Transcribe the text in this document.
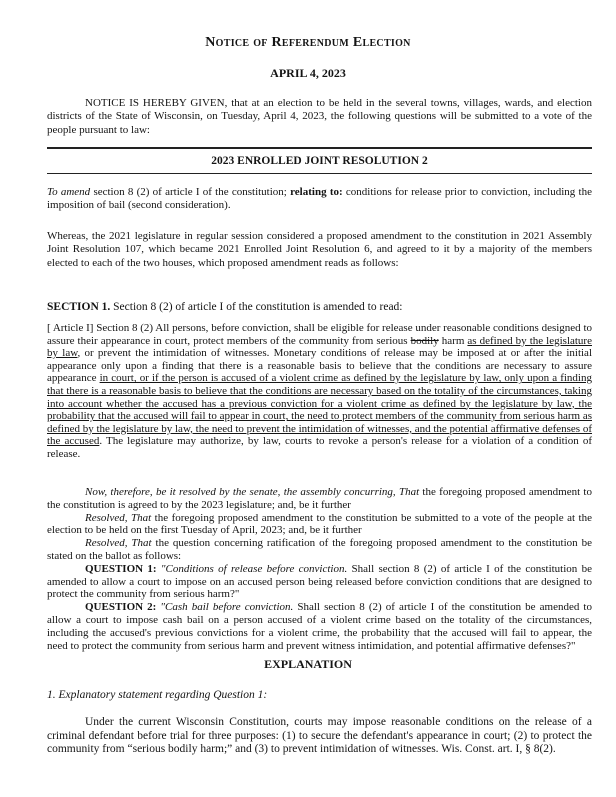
Notice of Referendum Election
APRIL 4, 2023
NOTICE IS HEREBY GIVEN, that at an election to be held in the several towns, villages, wards, and election districts of the State of Wisconsin, on Tuesday, April 4, 2023, the following questions will be submitted to a vote of the people pursuant to law:
2023 ENROLLED JOINT RESOLUTION 2
To amend section 8 (2) of article I of the constitution; relating to: conditions for release prior to conviction, including the imposition of bail (second consideration).
Whereas, the 2021 legislature in regular session considered a proposed amendment to the constitution in 2021 Assembly Joint Resolution 107, which became 2021 Enrolled Joint Resolution 6, and agreed to it by a majority of the members elected to each of the two houses, which proposed amendment reads as follows:
SECTION 1. Section 8 (2) of article I of the constitution is amended to read:
[ Article I] Section 8 (2) All persons, before conviction, shall be eligible for release under reasonable conditions designed to assure their appearance in court, protect members of the community from serious bodily harm as defined by the legislature by law, or prevent the intimidation of witnesses. Monetary conditions of release may be imposed at or after the initial appearance only upon a finding that there is a reasonable basis to believe that the conditions are necessary to assure appearance in court, or if the person is accused of a violent crime as defined by the legislature by law, only upon a finding that there is a reasonable basis to believe that the conditions are necessary based on the totality of the circumstances, taking into account whether the accused has a previous conviction for a violent crime as defined by the legislature by law, the probability that the accused will fail to appear in court, the need to protect members of the community from serious harm as defined by the legislature by law, the need to prevent the intimidation of witnesses, and the potential affirmative defenses of the accused. The legislature may authorize, by law, courts to revoke a person's release for a violation of a condition of release.

Now, therefore, be it resolved by the senate, the assembly concurring, That the foregoing proposed amendment to the constitution is agreed to by the 2023 legislature; and, be it further

Resolved, That the foregoing proposed amendment to the constitution be submitted to a vote of the people at the election to be held on the first Tuesday of April, 2023; and, be it further

Resolved, That the question concerning ratification of the foregoing proposed amendment to the constitution be stated on the ballot as follows:

QUESTION 1: "Conditions of release before conviction. Shall section 8 (2) of article I of the constitution be amended to allow a court to impose on an accused person being released before conviction conditions that are designed to protect the community from serious harm?"

QUESTION 2: "Cash bail before conviction. Shall section 8 (2) of article I of the constitution be amended to allow a court to impose cash bail on a person accused of a violent crime based on the totality of the circumstances, including the accused's previous convictions for a violent crime, the probability that the accused will fail to appear, the need to protect the community from serious harm and prevent witness intimidation, and potential affirmative defenses?"

EXPLANATION
1. Explanatory statement regarding Question 1:
Under the current Wisconsin Constitution, courts may impose reasonable conditions on the release of a criminal defendant before trial for three purposes: (1) to secure the defendant's appearance in court; (2) to protect the community from “serious bodily harm;” and (3) to prevent intimidation of witnesses. Wis. Const. art. I, § 8(2).
